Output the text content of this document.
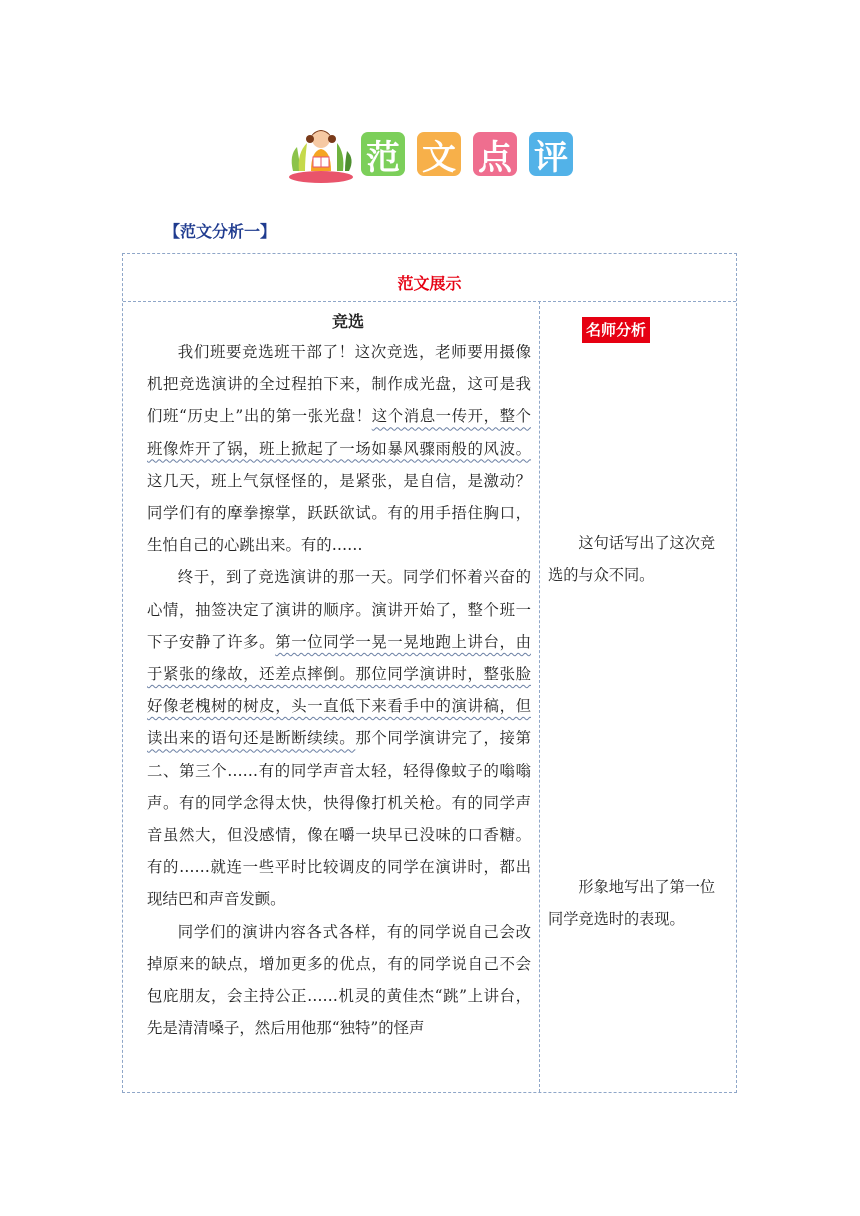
范 文 点 评
【范文分析一】
范文展示
竞选

我们班要竞选班干部了！这次竞选，老师要用摄像机把竞选演讲的全过程拍下来，制作成光盘，这可是我们班“历史上”出的第一张光盘！这个消息一传开，整个班像炸开了锅，班上掀起了一场如暴风骤雨般的风波。这几天，班上气氛怪怪的，是紧张，是自信，是激动？同学们有的摩拳擦掌，跃跃欲试。有的用手捂住胸口，生怕自己的心跳出来。有的……

终于，到了竞选演讲的那一天。同学们怀着兴奋的心情，抽签决定了演讲的顺序。演讲开始了，整个班一下子安静了许多。第一位同学一晃一晃地跑上讲台，由于紧张的缘故，还差点摔倒。那位同学演讲时，整张脸好像老槐树的树皮，头一直低下来看手中的演讲稿，但读出来的语句还是断断续续。那个同学演讲完了，接第二、第三个……有的同学声音太轻，轻得像蚊子的嗡嗡声。有的同学念得太快，快得像打机关枪。有的同学声音虽然大，但没感情，像在嚼一块早已没味的口香糖。有的……就连一些平时比较调皮的同学在演讲时，都出现结巴和声音发颤。

同学们的演讲内容各式各样，有的同学说自己会改掉原来的缺点，增加更多的优点，有的同学说自己不会包庇朋友，会主持公正……机灵的黄佳杰“跳”上讲台，先是清清嗓子，然后用他那“独特”的怪声

名师分析
这句话写出了这次竞选的与众不同。
形象地写出了第一位同学竞选时的表现。
